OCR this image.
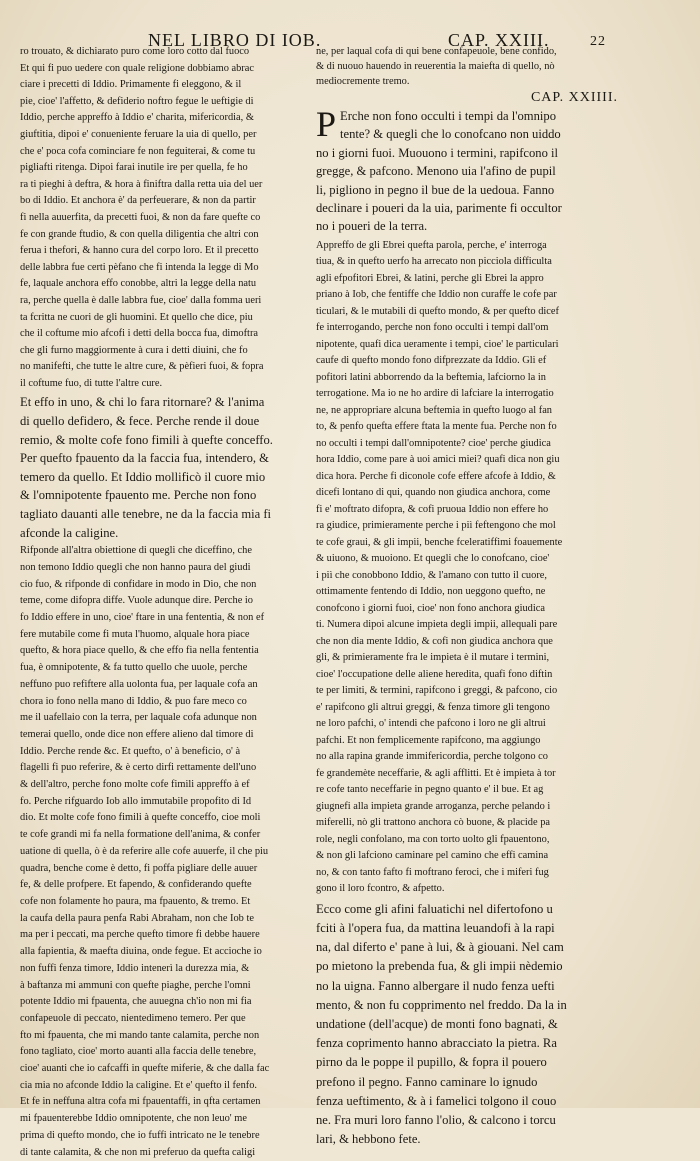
NEL LIBRO DI IOB.	CAP. XXIII.	22

ro trouato, & dichiarato puro come loro cotto dal fuoco
Et qui fi puo uedere con quale religione dobbiamo abrac
ciare i precetti di Iddio. Primamente fi eleggono, & il
pie, cioe' l'affetto, & defiderio noftro fegue le ueftigie di
Iddio, perche appreffo à Iddio e' charita, mifericordia, &
giuftitia, dipoi e' conueniente feruare la uia di quello, per
che e' poca cofa cominciare fe non feguiterai, & come tu
pigliafti ritenga. Dipoi farai inutile ire per quella, fe ho
ra ti pieghi à deftra, & hora à finiftra dalla retta uia del uer
bo di Iddio. Et anchora è' da perfeuerare, & non da partir
fi nella auuerfita, da precetti fuoi, & non da fare quefte co
fe con grande ftudio, & con quella diligentia che altri con
ferua i thefori, & hanno cura del corpo loro. Et il precetto
delle labbra fue certi pèfano che fi intenda la legge di Mo
fe, laquale anchora effo conobbe, altri la legge della natu
ra, perche quella è dalle labbra fue, cioe' dalla fomma ueri
ta fcritta ne cuori de gli huomini. Et quello che dice, piu
che il coftume mio afcofi i detti della bocca fua, dimoftra
che gli furno maggiormente à cura i detti diuini, che fo
no manifefti, che tutte le altre cure, & pèfieri fuoi, & fopra
il coftume fuo, di tutte l'altre cure.

Et effo in uno, & chi lo fara ritornare? & l'anima
di quello defidero, & fece. Perche rende il doue
remio, & molte cofe fono fimili à quefte conceffo.
Per quefto fpauento da la faccia fua, intendero, &
temero da quello. Et Iddio mollificò il cuore mio
& l'omnipotente fpauento me. Perche non fono
tagliato dauanti alle tenebre, ne da la faccia mia fi
afconde la caligine.

Rifponde all'altra obiettione di quegli che diceffino, che
non temono Iddio quegli che non hanno paura del giudi
cio fuo, & rifponde di confidare in modo in Dio, che non
teme, come difopra diffe. Vuole adunque dire. Perche io
fo Iddio effere in uno, cioe' ftare in una fententia, & non ef
fere mutabile come fi muta l'huomo, alquale hora piace
quefto, & hora piace quello, & che effo fia nella fententia
fua, è omnipotente, & fa tutto quello che uuole, perche
neffuno puo refiftere alla uolonta fua, per laquale cofa an
chora io fono nella mano di Iddio, & puo fare meco co
me il uafellaio con la terra, per laquale cofa adunque non
temerai quello, onde dice non effere alieno dal timore di
Iddio. Perche rende &c. Et quefto, o' à beneficio, o' à
flagelli fi puo referire, & è certo dirfi rettamente dell'uno
& dell'altro, perche fono molte cofe fimili appreffo à ef
fo. Perche rifguardo Iob allo immutabile propofito di Id
dio. Et molte cofe fono fimili à quefte conceffo, cioe moli
te cofe grandi mi fa nella formatione dell'anima, & confer
uatione di quella, ò è da referire alle cofe auuerfe, il che piu
quadra, benche come è detto, fi poffa pigliare delle auuer
fe, & delle profpere. Et fapendo, & confiderando quefte
cofe non folamente ho paura, ma fpauento, & tremo. Et
la caufa della paura penfa Rabi Abraham, non che Iob te
ma per i peccati, ma perche quefto timore fi debbe hauere
alla fapientia, & maefta diuina, onde fegue. Et accioche io
non fuffi fenza timore, Iddio intenerì la durezza mia, &
à baftanza mi ammuni con quefte piaghe, perche l'omni
potente Iddio mi fpauenta, che auuegna ch'io non mi fia
confapeuole di peccato, nientedimeno temero. Per que
fto mi fpauenta, che mi mando tante calamita, perche non
fono tagliato, cioe' morto auanti alla faccia delle tenebre,
cioe' auanti che io cafcaffi in quefte miferie, & che dalla fac
cia mia no afconde Iddio la caligine. Et e' quefto il fenfo.
Et fe in neffuna altra cofa mi fpauentaffi, in qfta certamen
mi fpauenterebbe Iddio omnipotente, che non leuo' me
prima di quefto mondo, che io fuffi intricato ne le tenebre
di tante calamita, & che non mi preferuo da quefta caligi

ne, per laqual cofa di qui bene confapeuole, bene confido,
& di nuouo hauendo in reuerentia la maiefta di quello, nò
mediocremente tremo.

CAP. XXIIII.

P Erche non fono occulti i tempi da l'omnipo
tente? & quegli che lo conofcano non uiddo
no i giorni fuoi. Muouono i termini, rapifcono il
gregge, & pafcono. Menono uia l'afino de pupil
li, pigliono in pegno il bue de la uedoua. Fanno
declinare i poueri da la uia, parimente fi occultor
no i poueri de la terra.

Appreffo de gli Ebrei quefta parola, perche, e' interroga
tiua, & in quefto uerfo ha arrecato non picciola difficulta
agli efpofitori Ebrei, & latini, perche gli Ebrei la appro
priano à Iob, che fentiffe che Iddio non curaffe le cofe par
ticulari, & le mutabili di quefto mondo, & per quefto dicef
fe interrogando, perche non fono occulti i tempi dall'om
nipotente, quafi dica ueramente i tempi, cioe' le particulari
caufe di quefto mondo fono difprezzate da Iddio. Gli ef
pofitori latini abborrendo da la beftemia, lafciorno la in
terrogatione. Ma io ne ho ardire di lafciare la interrogatio
ne, ne appropriare alcuna beftemia in quefto luogo al fan
to, & penfo quefta effere ftata la mente fua. Perche non fo
no occulti i tempi dall'omnipotente? cioe' perche giudica
hora Iddio, come pare à uoi amici miei? quafi dica non giu
dica hora. Perche fi diconole cofe effere afcofe à Iddio, &
dicefi lontano di qui, quando non giudica anchora, come
fi e' moftrato difopra, & cofi pruoua Iddio non effere ho
ra giudice, primieramente perche i piì feftengono che mol
te cofe graui, & gli impii, benche fceleratiffimi foauemente
& uiuono, & muoiono. Et quegli che lo conofcano, cioe'
i piì che conobbono Iddio, & l'amano con tutto il cuore,
ottimamente fentendo di Iddio, non ueggono quefto, ne
conofcono i giorni fuoi, cioe' non fono anchora giudica
ti. Numera dipoi alcune impieta degli impii, allequali pare
che non dia mente Iddio, & cofi non giudica anchora que
gli, & primieramente fra le impieta è il mutare i termini,
cioe' l'occupatione delle aliene heredita, quafi fono diftin
te per limiti, & termini, rapifcono i greggi, & pafcono, cio
e' rapifcono gli altrui greggi, & fenza timore gli tengono
ne loro pafchi, o' intendi che pafcono i loro ne gli altrui
pafchi. Et non femplicemente rapifcono, ma aggiungo
no alla rapina grande immifericordia, perche tolgono co
fe grandemète neceffarie, & agli afflitti. Et è impieta à tor
re cofe tanto neceffarie in pegno quanto e' il bue. Et ag
giugnefi alla impieta grande arroganza, perche pelando i
miferelli, nò gli trattono anchora cò buone, & placide pa
role, negli confolano, ma con torto uolto gli fpauentono,
& non gli lafciono caminare pel camino che effi camina
no, & con tanto fafto fi moftrano feroci, che i miferi fug
gono il loro fcontro, & afpetto.

Ecco come gli afini faluatichi nel difertofono u
fciti à l'opera fua, da mattina leuandofi à la rapi
na, dal diferto e' pane à lui, & à giouani. Nel cam
po mietono la prebenda fua, & gli impii nèdemio
no la uigna. Fanno albergare il nudo fenza uefti
mento, & non fu copprimento nel freddo. Da la in
undatione (dell'acque) de monti fono bagnati, &
fenza coprimento hanno abracciato la pietra. Ra
pirno da le poppe il pupillo, & fopra il pouero
prefono il pegno. Fanno caminare lo ignudo
fenza ueftimento, & à i famelici tolgono il couo
ne. Fra muri loro fanno l'olio, & calcono i torcu
lari, & hebbono fete.
